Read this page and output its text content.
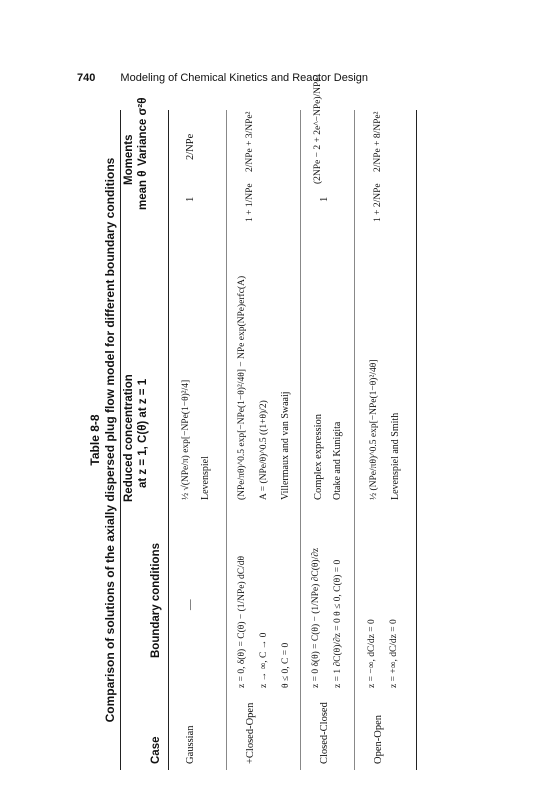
740 Modeling of Chemical Kinetics and Reactor Design
Table 8-8 Comparison of solutions of the axially dispersed plug flow model for different boundary conditions
Case
Boundary conditions
Reduced concentration at z = 1, C(θ) at z = 1
Moments
mean θ
Variance σ²θ
Gaussian
—
½ √(NPe/π) exp[−NPe(1−θ)²/4] Levenspiel
1
2/NPe
+Closed-Open
z = 0, δ(θ) = C(θ) − (1/NPe) dC/dθ z → ∞, C → 0 θ ≤ 0, C = 0
(NPe/πθ)^0.5 exp[−NPe(1−θ)²/4θ] − NPe exp(NPe)erfc(A) A = (NPe/θ)^0.5 ((1+θ)/2) Villermaux and van Swaaij
1 + 1/NPe
2/NPe + 3/NPe²
Closed-Closed
z = 0 δ(θ) = C(θ) − (1/NPe) ∂C(θ)/∂z z = 1 ∂C(θ)/∂z = 0 θ ≤ 0, C(θ) = 0
Complex expression Otake and Kunigita
1
(2NPe − 2 + 2e^−NPe)/NPe²
Open-Open
z = −∞, dC/dz = 0 z = +∞, dC/dz = 0
½ (NPe/πθ)^0.5 exp[−NPe(1−θ)²/4θ] Levenspiel and Smith
1 + 2/NPe
2/NPe + 8/NPe²
